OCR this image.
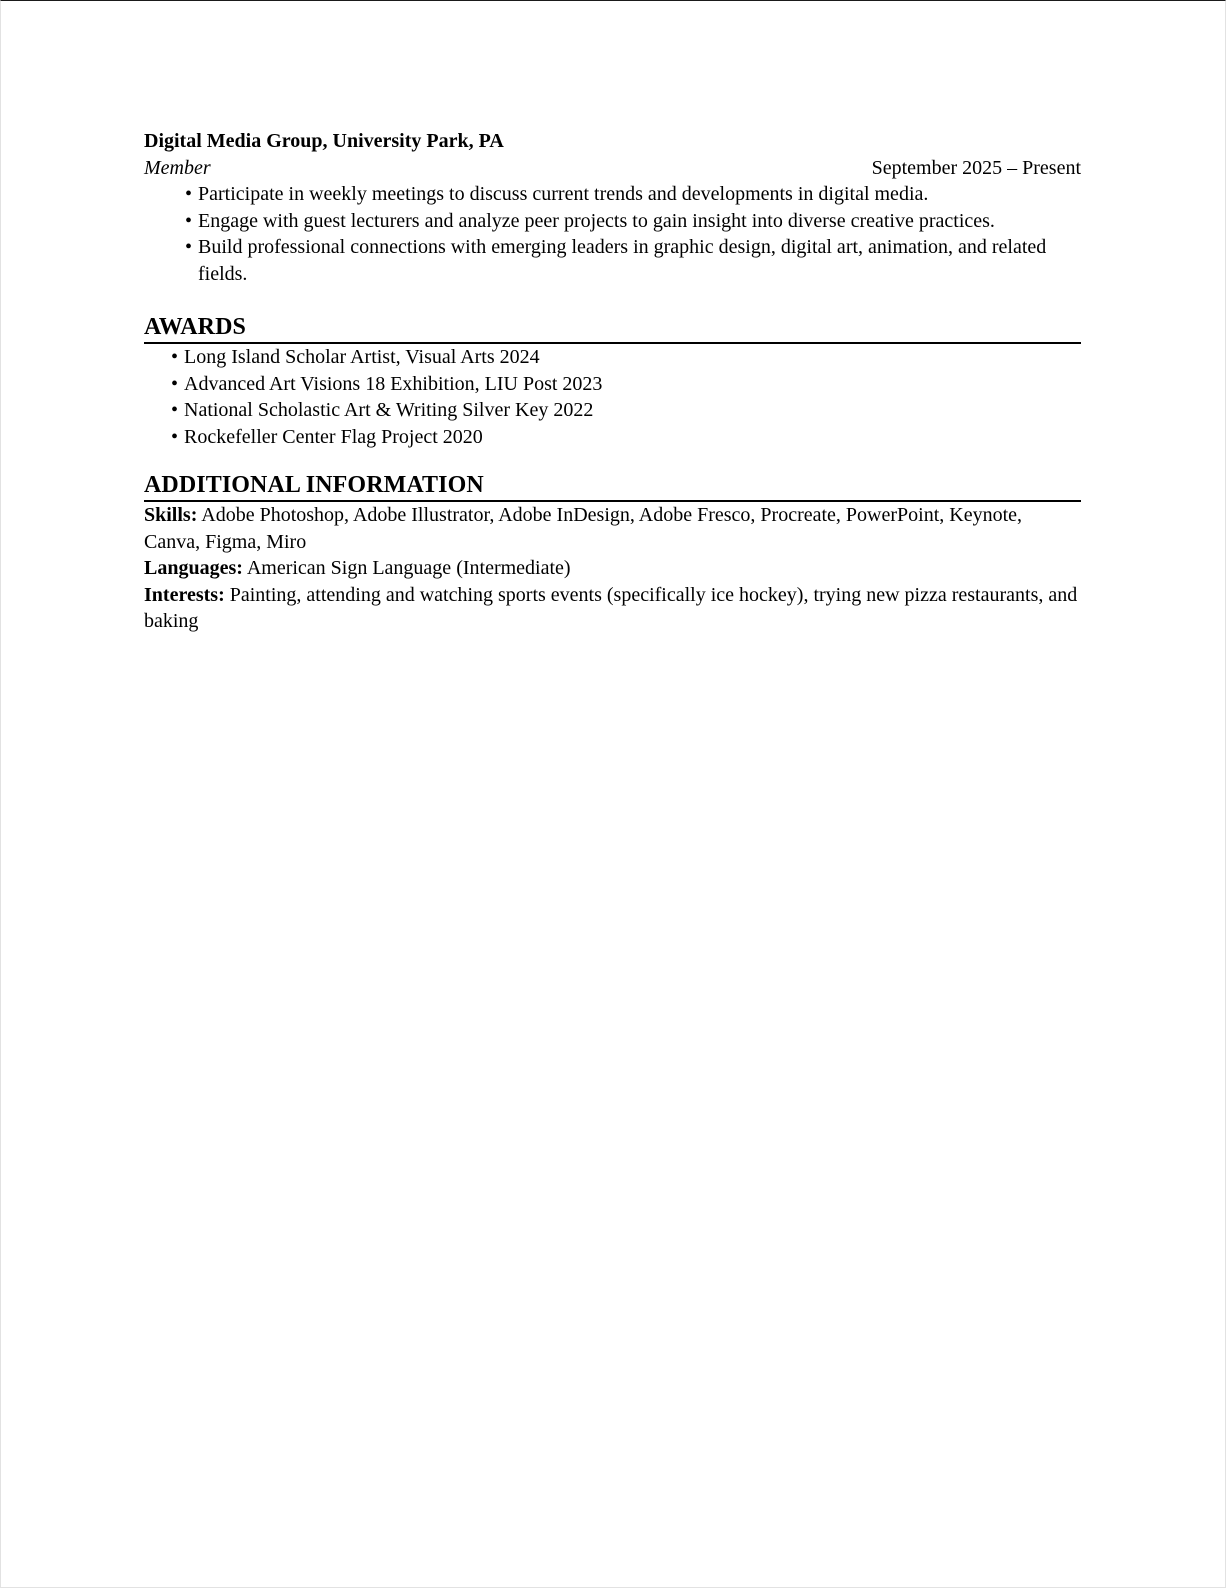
Digital Media Group, University Park, PA

Member	September 2025 – Present

• Participate in weekly meetings to discuss current trends and developments in digital media.
• Engage with guest lecturers and analyze peer projects to gain insight into diverse creative practices.
• Build professional connections with emerging leaders in graphic design, digital art, animation, and related fields.
AWARDS
• Long Island Scholar Artist, Visual Arts 2024
• Advanced Art Visions 18 Exhibition, LIU Post 2023
• National Scholastic Art & Writing Silver Key 2022
• Rockefeller Center Flag Project 2020
ADDITIONAL INFORMATION

Skills: Adobe Photoshop, Adobe Illustrator, Adobe InDesign, Adobe Fresco, Procreate, PowerPoint, Keynote, Canva, Figma, Miro

Languages: American Sign Language (Intermediate)

Interests: Painting, attending and watching sports events (specifically ice hockey), trying new pizza restaurants, and baking
